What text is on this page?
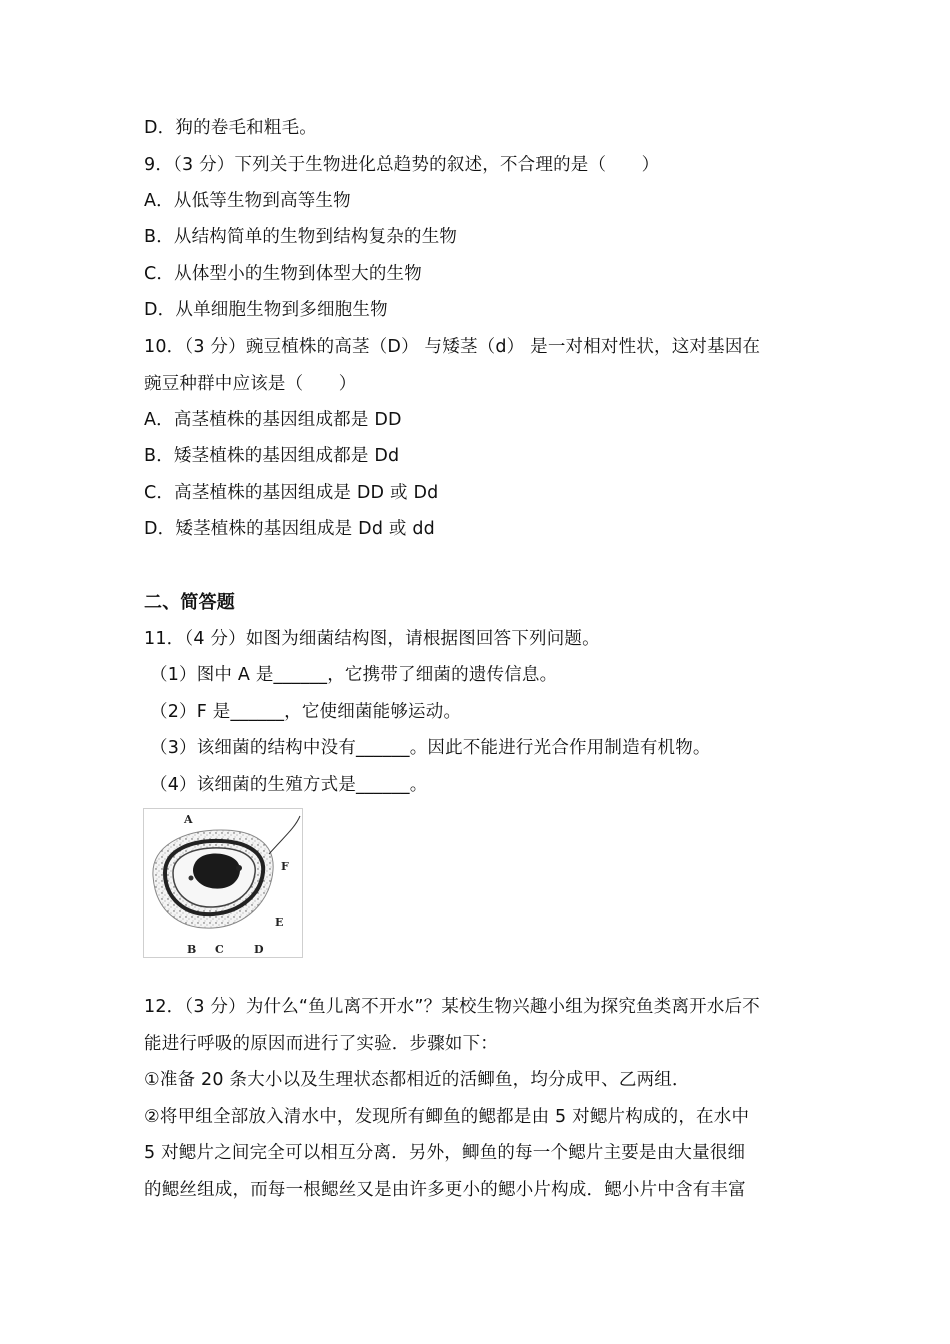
D．狗的卷毛和粗毛。
9．（3 分）下列关于生物进化总趋势的叙述，不合理的是（　　）
A．从低等生物到高等生物
B．从结构简单的生物到结构复杂的生物
C．从体型小的生物到体型大的生物
D．从单细胞生物到多细胞生物
10．（3 分）豌豆植株的高茎（D） 与矮茎（d） 是一对相对性状，这对基因在
豌豆种群中应该是（　　）
A．高茎植株的基因组成都是 DD
B．矮茎植株的基因组成都是 Dd
C．高茎植株的基因组成是 DD 或 Dd
D．矮茎植株的基因组成是 Dd 或 dd
二、简答题
11．（4 分）如图为细菌结构图，请根据图回答下列问题。
（1）图中 A 是______，它携带了细菌的遗传信息。
（2）F 是______，它使细菌能够运动。
（3）该细菌的结构中没有______。因此不能进行光合作用制造有机物。
（4）该细菌的生殖方式是______。
A
F
E
B C	D
12．（3 分）为什么“鱼儿离不开水”？某校生物兴趣小组为探究鱼类离开水后不
能进行呼吸的原因而进行了实验．步骤如下：
①准备 20 条大小以及生理状态都相近的活鲫鱼，均分成甲、乙两组．
②将甲组全部放入清水中，发现所有鲫鱼的鳃都是由 5 对鳃片构成的，在水中
5 对鳃片之间完全可以相互分离．另外，鲫鱼的每一个鳃片主要是由大量很细
的鳃丝组成，而每一根鳃丝又是由许多更小的鳃小片构成．鳃小片中含有丰富
